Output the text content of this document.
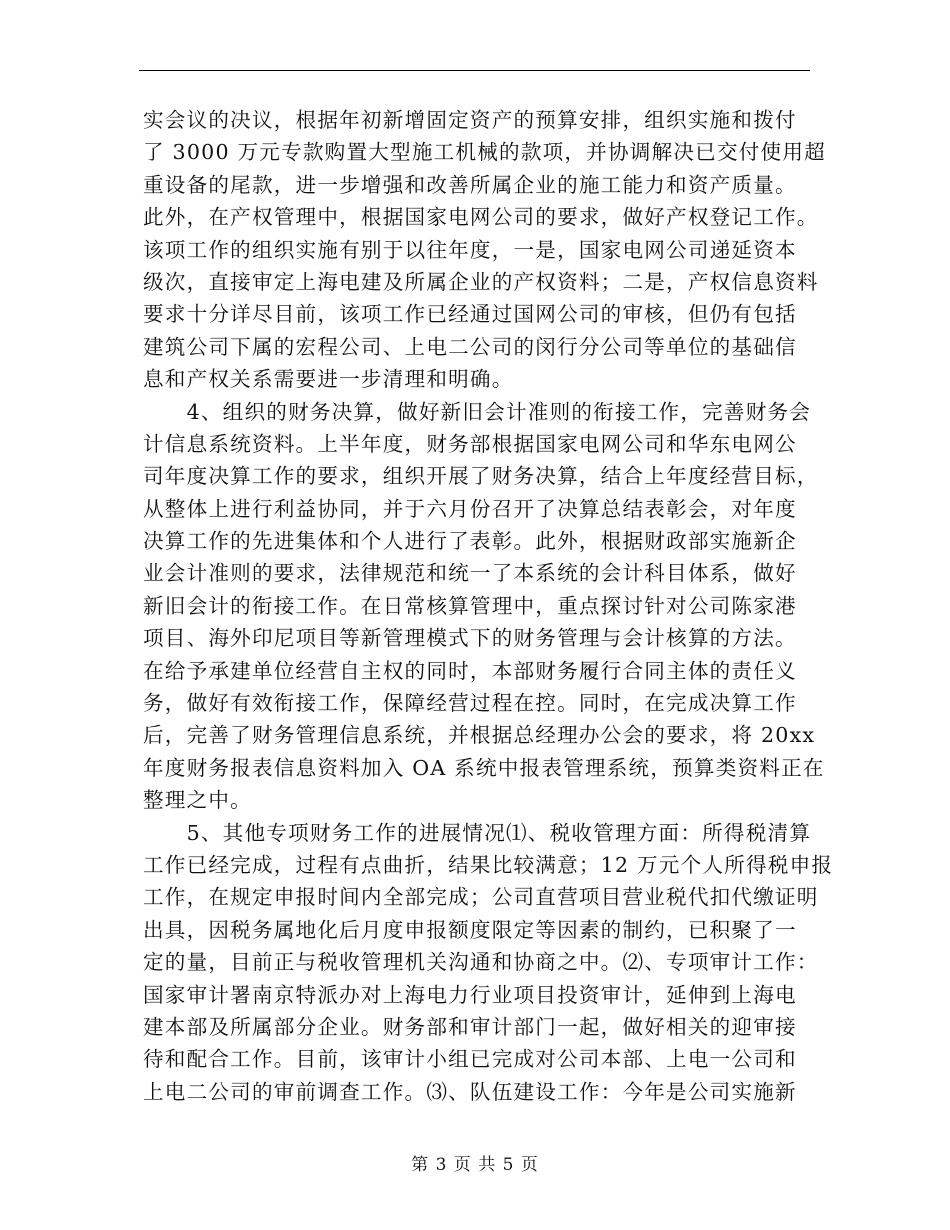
实会议的决议，根据年初新增固定资产的预算安排，组织实施和拨付
了 3000 万元专款购置大型施工机械的款项，并协调解决已交付使用超
重设备的尾款，进一步增强和改善所属企业的施工能力和资产质量。
此外，在产权管理中，根据国家电网公司的要求，做好产权登记工作。
该项工作的组织实施有别于以往年度，一是，国家电网公司递延资本
级次，直接审定上海电建及所属企业的产权资料；二是，产权信息资料
要求十分详尽目前，该项工作已经通过国网公司的审核，但仍有包括
建筑公司下属的宏程公司、上电二公司的闵行分公司等单位的基础信
息和产权关系需要进一步清理和明确。
　　4、组织的财务决算，做好新旧会计准则的衔接工作，完善财务会
计信息系统资料。上半年度，财务部根据国家电网公司和华东电网公
司年度决算工作的要求，组织开展了财务决算，结合上年度经营目标，
从整体上进行利益协同，并于六月份召开了决算总结表彰会，对年度
决算工作的先进集体和个人进行了表彰。此外，根据财政部实施新企
业会计准则的要求，法律规范和统一了本系统的会计科目体系，做好
新旧会计的衔接工作。在日常核算管理中，重点探讨针对公司陈家港
项目、海外印尼项目等新管理模式下的财务管理与会计核算的方法。
在给予承建单位经营自主权的同时，本部财务履行合同主体的责任义
务，做好有效衔接工作，保障经营过程在控。同时，在完成决算工作
后，完善了财务管理信息系统，并根据总经理办公会的要求，将 20xx
年度财务报表信息资料加入 OA 系统中报表管理系统，预算类资料正在
整理之中。
　　5、其他专项财务工作的进展情况⑴、税收管理方面：所得税清算
工作已经完成，过程有点曲折，结果比较满意；12 万元个人所得税申报
工作，在规定申报时间内全部完成；公司直营项目营业税代扣代缴证明
出具，因税务属地化后月度申报额度限定等因素的制约，已积聚了一
定的量，目前正与税收管理机关沟通和协商之中。⑵、专项审计工作：
国家审计署南京特派办对上海电力行业项目投资审计，延伸到上海电
建本部及所属部分企业。财务部和审计部门一起，做好相关的迎审接
待和配合工作。目前，该审计小组已完成对公司本部、上电一公司和
上电二公司的审前调查工作。⑶、队伍建设工作：今年是公司实施新
第 3 页 共 5 页
